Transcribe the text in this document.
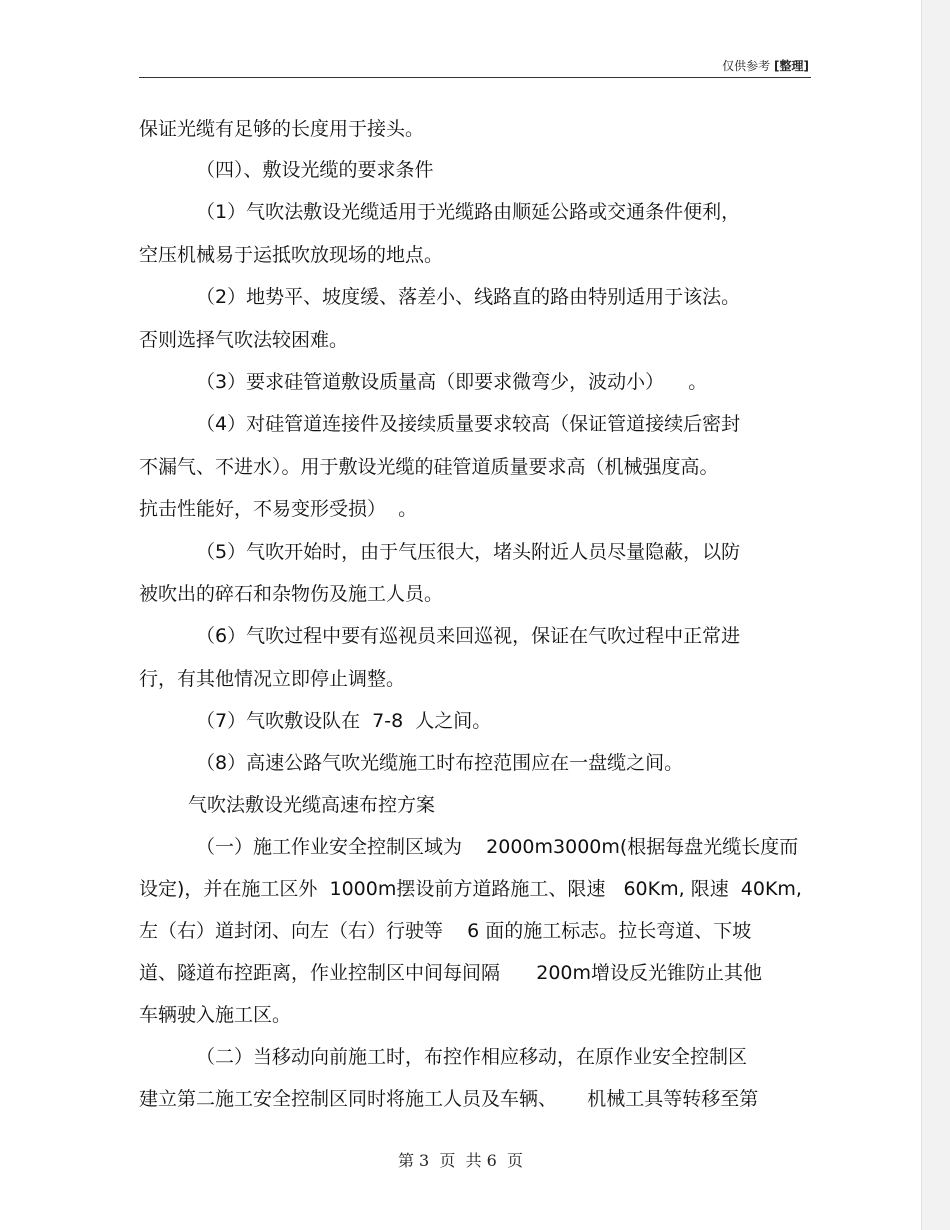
仅供参考 [整理]
保证光缆有足够的长度用于接头。
（四）、敷设光缆的要求条件
（1）气吹法敷设光缆适用于光缆路由顺延公路或交通条件便利，
空压机械易于运抵吹放现场的地点。
（2）地势平、坡度缓、落差小、线路直的路由特别适用于该法。
否则选择气吹法较困难。
（3）要求硅管道敷设质量高（即要求微弯少，波动小）    。
（4）对硅管道连接件及接续质量要求较高（保证管道接续后密封
不漏气、不进水）。用于敷设光缆的硅管道质量要求高（机械强度高。
抗击性能好，不易变形受损）  。
（5）气吹开始时，由于气压很大，堵头附近人员尽量隐蔽，以防
被吹出的碎石和杂物伤及施工人员。
（6）气吹过程中要有巡视员来回巡视，保证在气吹过程中正常进
行，有其他情况立即停止调整。
（7）气吹敷设队在  7-8  人之间。
（8）高速公路气吹光缆施工时布控范围应在一盘缆之间。
气吹法敷设光缆高速布控方案
（一）施工作业安全控制区域为    2000m3000m(根据每盘光缆长度而
设定)，并在施工区外  1000m摆设前方道路施工、限速   60Km, 限速  40Km,
左（右）道封闭、向左（右）行驶等    6 面的施工标志。拉长弯道、下坡
道、隧道布控距离，作业控制区中间每间隔      200m增设反光锥防止其他
车辆驶入施工区。
（二）当移动向前施工时，布控作相应移动，在原作业安全控制区
建立第二施工安全控制区同时将施工人员及车辆、     机械工具等转移至第
第 3  页  共 6  页
